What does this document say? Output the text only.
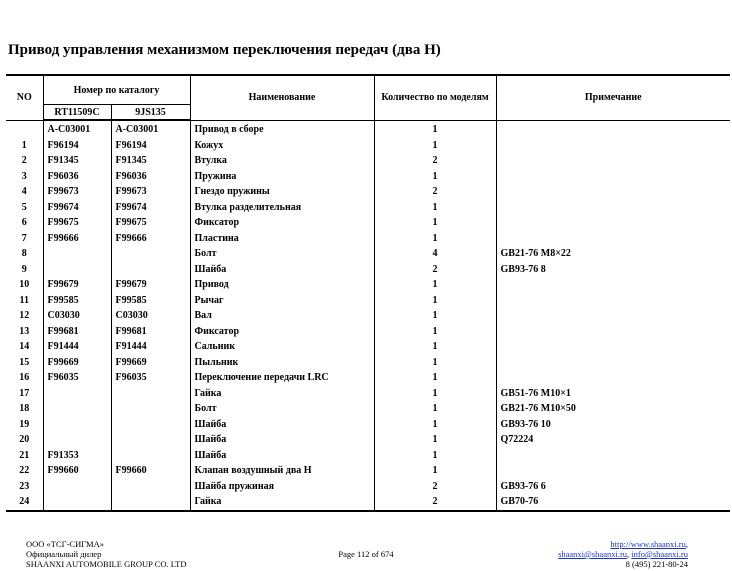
Привод управления механизмом переключения передач (два H)
NO	Номер по каталогу		Наименование	Количество по моделям	Примечание
	RT11509C	9JS135			
	A-C03001	A-C03001	Привод в сборе	1	
1	F96194	F96194	Кожух	1	
2	F91345	F91345	Втулка	2	
3	F96036	F96036	Пружина	1	
4	F99673	F99673	Гнездо пружины	2	
5	F99674	F99674	Втулка разделительная	1	
6	F99675	F99675	Фиксатор	1	
7	F99666	F99666	Пластина	1	
8			Болт	4	GB21-76 M8×22
9			Шайба	2	GB93-76 8
10	F99679	F99679	Привод	1	
11	F99585	F99585	Рычаг	1	
12	C03030	C03030	Вал	1	
13	F99681	F99681	Фиксатор	1	
14	F91444	F91444	Сальник	1	
15	F99669	F99669	Пыльник	1	
16	F96035	F96035	Переключение передачи LRC	1	
17			Гайка	1	GB51-76 M10×1
18			Болт	1	GB21-76 M10×50
19			Шайба	1	GB93-76 10
20			Шайба	1	Q72224
21	F91353		Шайба	1	
22	F99660	F99660	Клапан воздушный два H	1	
23			Шайба пружиная	2	GB93-76 6
24			Гайка	2	GB70-76
ООО «ТСГ-СИГМА»
Официальный дилер
SHAANXI AUTOMOBILE GROUP CO. LTD
Page 112 of 674
http://www.shaanxi.ru,
shaanxi@shaanxi.ru, info@shaanxi.ru
8 (495) 221-80-24
